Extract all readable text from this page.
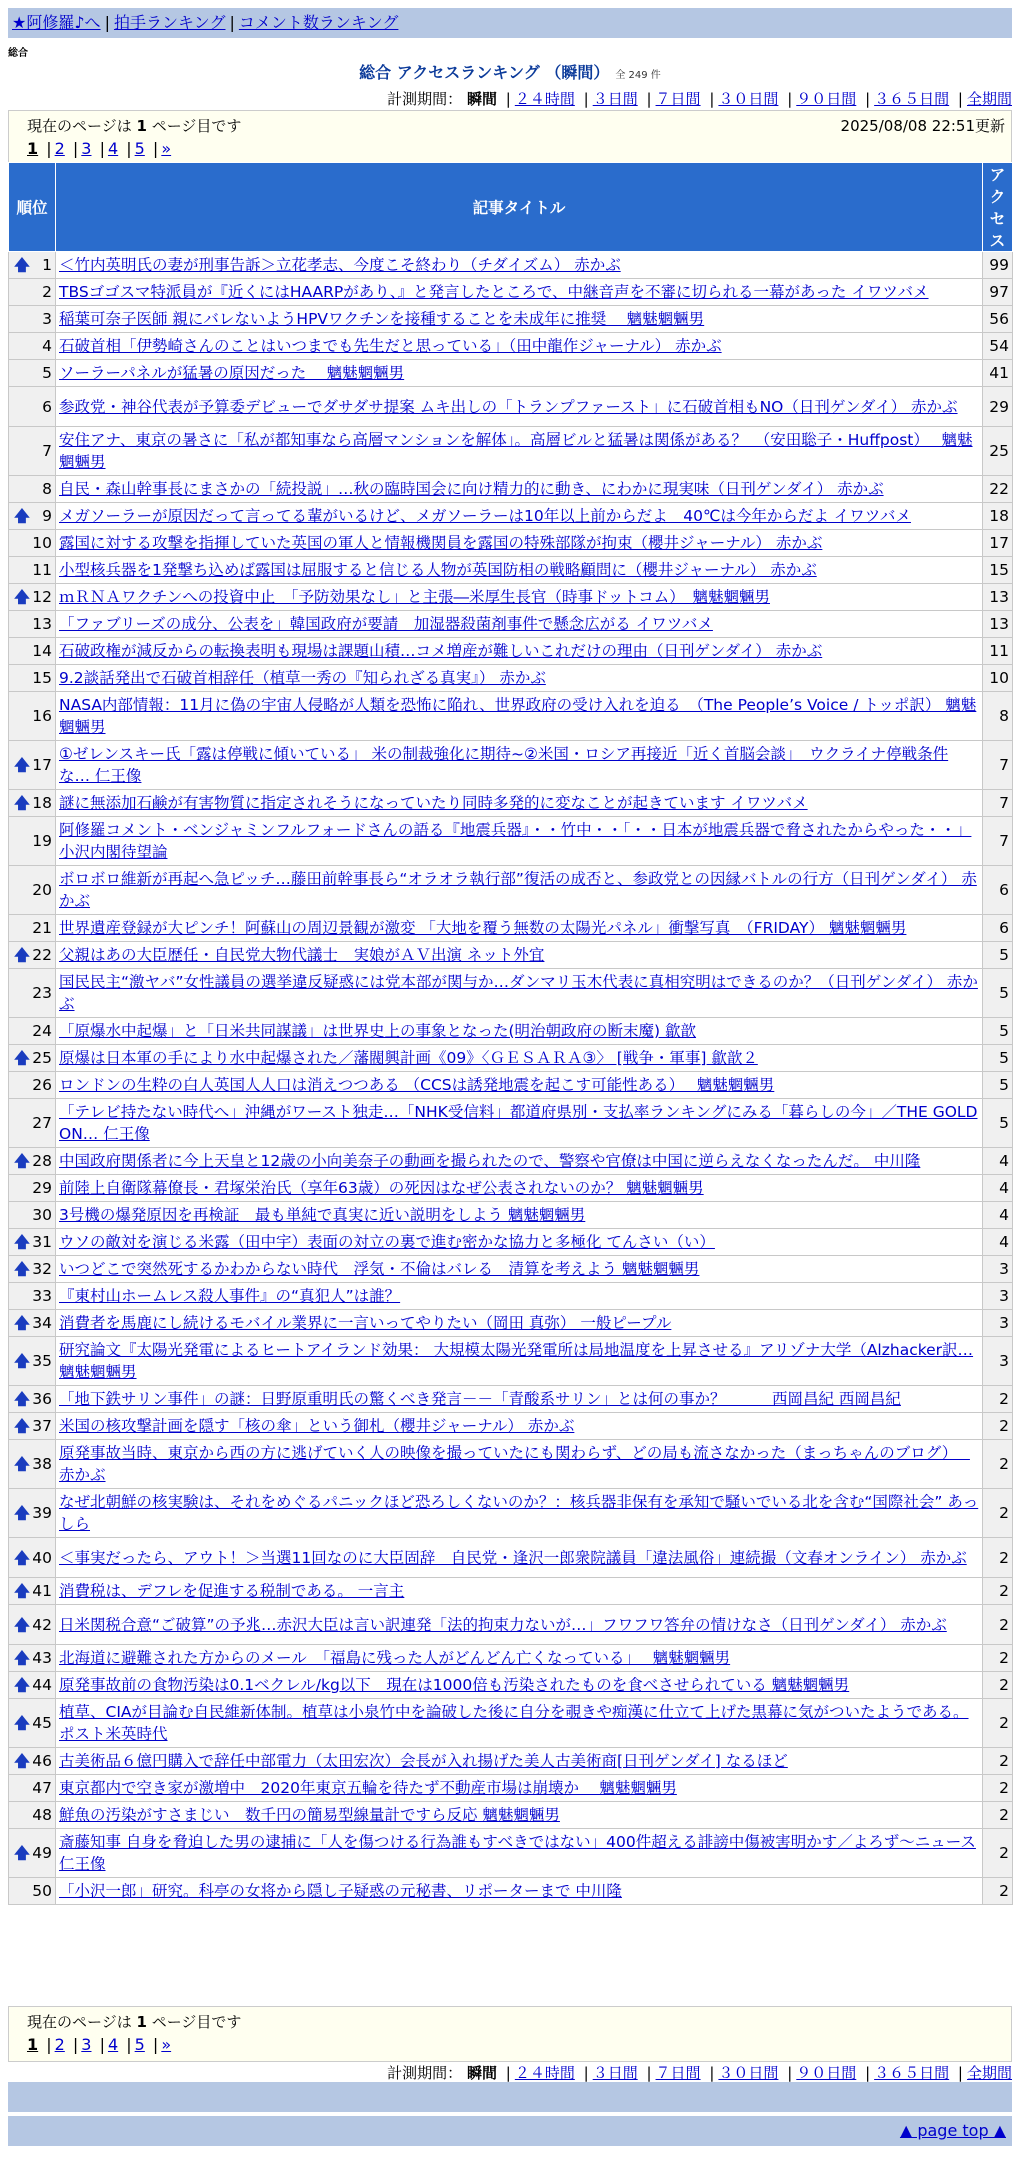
★阿修羅♪へ | 拍手ランキング | コメント数ランキング
総合
総合 アクセスランキング （瞬間） 全 249 件
計測期間： 瞬間 | ２４時間 | ３日間 | ７日間 | ３０日間 | ９０日間 | ３６５日間 | 全期間
現在のページは 1 ページ目です	2025/08/08 22:51更新
1 | 2 | 3 | 4 | 5 | »
順位	記事タイトル	アクセス

🡅 1	＜竹内英明氏の妻が刑事告訴＞立花孝志、今度こそ終わり（チダイズム） 赤かぶ	99
2	TBSゴゴスマ特派員が『近くにはHAARPがあり、』と発言したところで、中継音声を不審に切られる一幕があった イワツバメ	97
3	稲葉可奈子医師 親にバレないようHPVワクチンを接種することを未成年に推奨　 魑魅魍魎男	56
4	石破首相「伊勢崎さんのことはいつまでも先生だと思っている」（田中龍作ジャーナル） 赤かぶ	54
5	ソーラーパネルが猛暑の原因だった　 魑魅魍魎男	41
6	参政党・神谷代表が予算委デビューでダサダサ提案 ムキ出しの「トランプファースト」に石破首相もNO（日刊ゲンダイ） 赤かぶ	29
7	安住アナ、東京の暑さに「私が都知事なら高層マンションを解体」。高層ビルと猛暑は関係がある？　（安田聡子・Huffpost）　 魑魅魍魎男	25
8	自民・森山幹事長にまさかの「続投説」…秋の臨時国会に向け精力的に動き、にわかに現実味（日刊ゲンダイ） 赤かぶ	22

🡅 9	メガソーラーが原因だって言ってる輩がいるけど、メガソーラーは10年以上前からだよ　40℃は今年からだよ イワツバメ	18
10	露国に対する攻撃を指揮していた英国の軍人と情報機関員を露国の特殊部隊が拘束（櫻井ジャーナル） 赤かぶ	17
11	小型核兵器を1発撃ち込めば露国は屈服すると信じる人物が英国防相の戦略顧問に（櫻井ジャーナル） 赤かぶ	15

🡅 12	ｍＲＮＡワクチンへの投資中止　「予防効果なし」と主張―米厚生長官（時事ドットコム）　魑魅魍魎男	13
13	「ファブリーズの成分、公表を」韓国政府が要請　加湿器殺菌剤事件で懸念広がる イワツバメ	13
14	石破政権が減反からの転換表明も現場は課題山積…コメ増産が難しいこれだけの理由（日刊ゲンダイ） 赤かぶ	11
15	9.2談話発出で石破首相辞任（植草一秀の『知られざる真実』） 赤かぶ	10
16	NASA内部情報：11月に偽の宇宙人侵略が人類を恐怖に陥れ、世界政府の受け入れを迫る　（The People’s Voice / トッポ訳） 魑魅魍魎男	8

🡅 17	①ゼレンスキー氏「露は停戦に傾いている」 米の制裁強化に期待~②米国・ロシア再接近「近く首脳会談」　ウクライナ停戦条件な… 仁王像	7

🡅 18	謎に無添加石鹸が有害物質に指定されそうになっていたり同時多発的に変なことが起きています イワツバメ	7
19	阿修羅コメント・ベンジャミンフルフォードさんの語る『地震兵器』・・竹中・・「・・日本が地震兵器で脅されたからやった・・」 小沢内閣待望論	7
20	ボロボロ維新が再起へ急ピッチ…藤田前幹事長ら“オラオラ執行部”復活の成否と、参政党との因縁バトルの行方（日刊ゲンダイ） 赤かぶ	6
21	世界遺産登録が大ピンチ！阿蘇山の周辺景観が激変 「大地を覆う無数の太陽光パネル」衝撃写真　（FRIDAY） 魑魅魍魎男	6

🡅 22	父親はあの大臣歴任・自民党大物代議士　実娘がＡＶ出演 ネット外宜	5
23	国民民主“激ヤバ”女性議員の選挙違反疑惑には党本部が関与か…ダンマリ玉木代表に真相究明はできるのか？（日刊ゲンダイ） 赤かぶ	5
24	「原爆水中起爆」と「日米共同謀議」は世界史上の事象となった(明治朝政府の断末魔) 歙歆	5

🡅 25	原爆は日本軍の手により水中起爆された／藩閥興計画《09》〈ＧＥＳＡＲＡ③〉 [戦争・軍事] 歙歆２	5
26	ロンドンの生粋の白人英国人人口は消えつつある （CCSは誘発地震を起こす可能性ある）　 魑魅魍魎男	5
27	「テレビ持たない時代へ」沖縄がワースト独走…「NHK受信料」都道府県別・支払率ランキングにみる「暮らしの今」／THE GOLD ON… 仁王像	5

🡅 28	中国政府関係者に今上天皇と12歳の小向美奈子の動画を撮られたので、警察や官僚は中国に逆らえなくなったんだ。 中川隆	4
29	前陸上自衛隊幕僚長・君塚栄治氏（享年63歳）の死因はなぜ公表されないのか？ 魑魅魍魎男	4
30	3号機の爆発原因を再検証　最も単純で真実に近い説明をしよう 魑魅魍魎男	4

🡅 31	ウソの敵対を演じる米露（田中宇）表面の対立の裏で進む密かな協力と多極化 てんさい（い）	4

🡅 32	いつどこで突然死するかわからない時代　浮気・不倫はバレる　清算を考えよう 魑魅魍魎男	3
33	『東村山ホームレス殺人事件』の“真犯人”は誰？	3

🡅 34	消費者を馬鹿にし続けるモバイル業界に一言いってやりたい（岡田 真弥） 一般ピープル	3

🡅 35	研究論文『太陽光発電によるヒートアイランド効果： 大規模太陽光発電所は局地温度を上昇させる』アリゾナ大学（Alzhacker訳… 魑魅魍魎男	3

🡅 36	「地下鉄サリン事件」の謎：日野原重明氏の驚くべき発言－－「青酸系サリン」とは何の事か？　　　西岡昌紀 西岡昌紀	2

🡅 37	米国の核攻撃計画を隠す「核の傘」という御札（櫻井ジャーナル） 赤かぶ	2

🡅 38	原発事故当時、東京から西の方に逃げていく人の映像を撮っていたにも関わらず、どの局も流さなかった（まっちゃんのブログ）　 赤かぶ	2

🡅 39	なぜ北朝鮮の核実験は、それをめぐるパニックほど恐ろしくないのか？：核兵器非保有を承知で騒いでいる北を含む“国際社会” あっしら	2

🡅 40	＜事実だったら、アウト！＞当選11回なのに大臣固辞　自民党・逢沢一郎衆院議員「違法風俗」連続撮（文春オンライン） 赤かぶ	2

🡅 41	消費税は、デフレを促進する税制である。 一言主	2

🡅 42	日米関税合意“ご破算”の予兆…赤沢大臣は言い訳連発「法的拘束力ないが…」フワフワ答弁の情けなさ（日刊ゲンダイ） 赤かぶ	2

🡅 43	北海道に避難された方からのメール　「福島に残った人がどんどん亡くなっている」　 魑魅魍魎男	2

🡅 44	原発事故前の食物汚染は0.1ベクレル/kg以下　現在は1000倍も汚染されたものを食べさせられている 魑魅魍魎男	2

🡅 45	植草、CIAが目論む自民維新体制。植草は小泉竹中を論破した後に自分を覗きや痴漢に仕立て上げた黒幕に気がついたようである。 ポスト米英時代	2

🡅 46	古美術品６億円購入で辞任中部電力（太田宏次）会長が入れ揚げた美人古美術商[日刊ゲンダイ] なるほど	2
47	東京都内で空き家が激増中　2020年東京五輪を待たず不動産市場は崩壊か　 魑魅魍魎男	2
48	鮮魚の汚染がすさまじい　数千円の簡易型線量計ですら反応 魑魅魍魎男	2

🡅 49	斎藤知事 自身を脅迫した男の逮捕に「人を傷つける行為誰もすべきではない」400件超える誹謗中傷被害明かす／よろず～ニュース 仁王像	2
50	「小沢一郎」研究。科亭の女将から隠し子疑惑の元秘書、リポーターまで 中川隆	2
現在のページは 1 ページ目です
1 | 2 | 3 | 4 | 5 | »
計測期間： 瞬間 | ２４時間 | ３日間 | ７日間 | ３０日間 | ９０日間 | ３６５日間 | 全期間
▲ page top ▲
